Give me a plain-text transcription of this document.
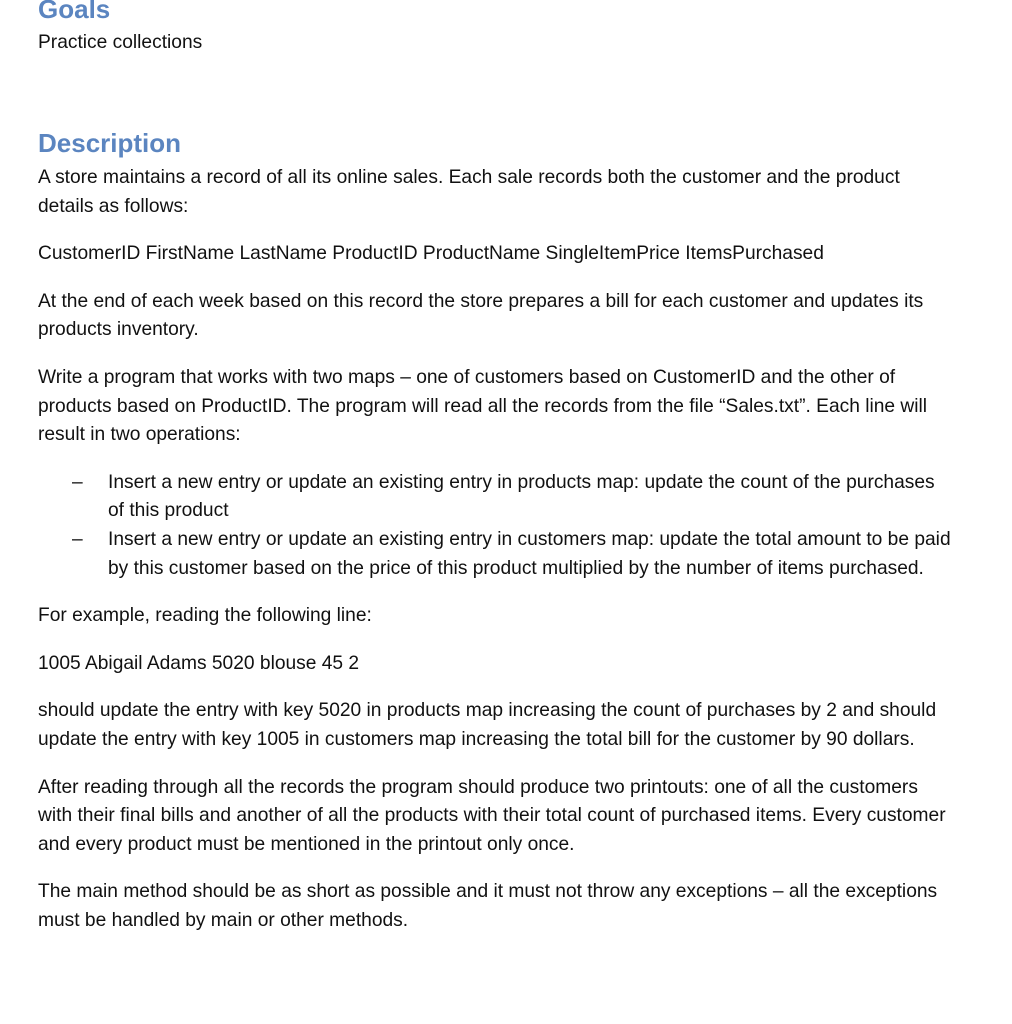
Goals
Practice collections
Description

A store maintains a record of all its online sales. Each sale records both the customer and the product details as follows:

CustomerID FirstName LastName ProductID ProductName SingleItemPrice ItemsPurchased

At the end of each week based on this record the store prepares a bill for each customer and updates its products inventory.

Write a program that works with two maps – one of customers based on CustomerID and the other of products based on ProductID. The program will read all the records from the file “Sales.txt”. Each line will result in two operations:

– Insert a new entry or update an existing entry in products map: update the count of the purchases of this product
– Insert a new entry or update an existing entry in customers map: update the total amount to be paid by this customer based on the price of this product multiplied by the number of items purchased.

For example, reading the following line:

1005 Abigail Adams 5020 blouse 45 2

should update the entry with key 5020 in products map increasing the count of purchases by 2 and should update the entry with key 1005 in customers map increasing the total bill for the customer by 90 dollars.

After reading through all the records the program should produce two printouts: one of all the customers with their final bills and another of all the products with their total count of purchased items. Every customer and every product must be mentioned in the printout only once.

The main method should be as short as possible and it must not throw any exceptions – all the exceptions must be handled by main or other methods.
